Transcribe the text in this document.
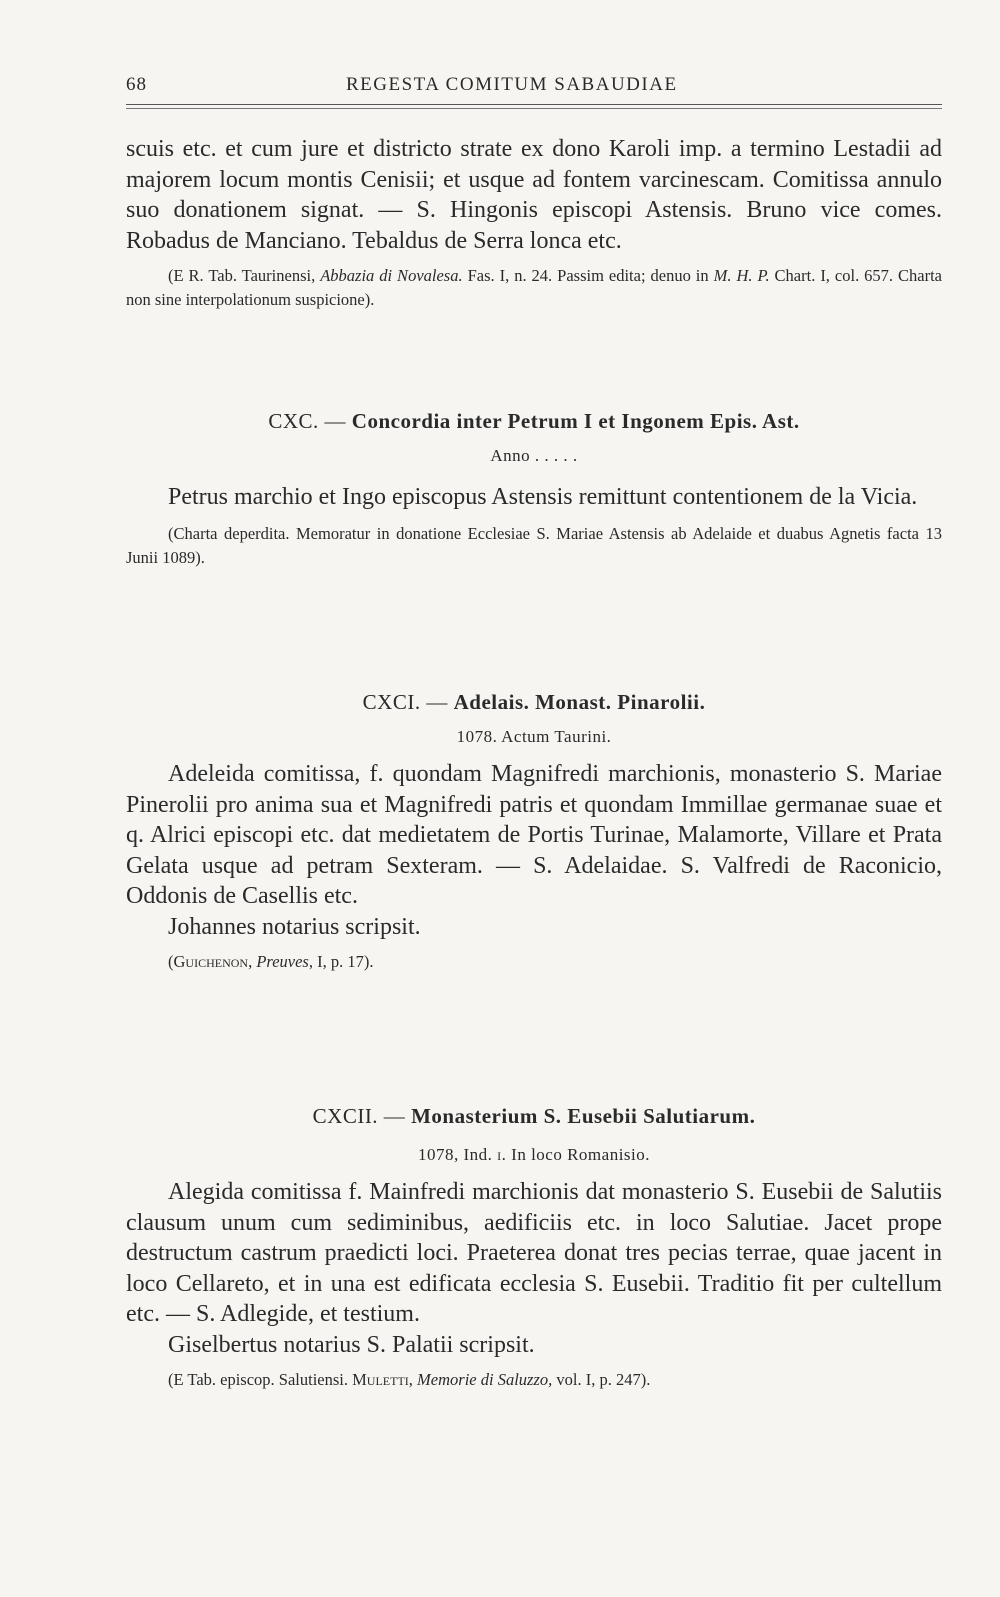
68	REGESTA COMITUM SABAUDIAE

scuis etc. et cum jure et districto strate ex dono Karoli imp. a termino Lestadii ad majorem locum montis Cenisii; et usque ad fontem varcinescam. Comitissa annulo suo donationem signat. — S. Hingonis episcopi Astensis. Bruno vice comes. Robadus de Manciano. Tebaldus de Serra lonca etc.

(E R. Tab. Taurinensi, Abbazia di Novalesa. Fas. I, n. 24. Passim edita; denuo in M. H. P. Chart. I, col. 657. Charta non sine interpolationum suspicione).

CXC. — Concordia inter Petrum I et Ingonem Epis. Ast.

Anno . . . . .

Petrus marchio et Ingo episcopus Astensis remittunt contentionem de la Vicia.

(Charta deperdita. Memoratur in donatione Ecclesiae S. Mariae Astensis ab Adelaide et duabus Agnetis facta 13 Junii 1089).

CXCI. — Adelais. Monast. Pinarolii.

1078. Actum Taurini.

Adeleida comitissa, f. quondam Magnifredi marchionis, monasterio S. Mariae Pinerolii pro anima sua et Magnifredi patris et quondam Immillae germanae suae et q. Alrici episcopi etc. dat medietatem de Portis Turinae, Malamorte, Villare et Prata Gelata usque ad petram Sexteram. — S. Adelaidae. S. Valfredi de Raconicio, Oddonis de Casellis etc.

Johannes notarius scripsit.

(Guichenon, Preuves, I, p. 17).

CXCII. — Monasterium S. Eusebii Salutiarum.

1078, Ind. i. In loco Romanisio.

Alegida comitissa f. Mainfredi marchionis dat monasterio S. Eusebii de Salutiis clausum unum cum sediminibus, aedificiis etc. in loco Salutiae. Jacet prope destructum castrum praedicti loci. Praeterea donat tres pecias terrae, quae jacent in loco Cellareto, et in una est edificata ecclesia S. Eusebii. Traditio fit per cultellum etc. — S. Adlegide, et testium.

Giselbertus notarius S. Palatii scripsit.

(E Tab. episcop. Salutiensi. Muletti, Memorie di Saluzzo, vol. I, p. 247).
